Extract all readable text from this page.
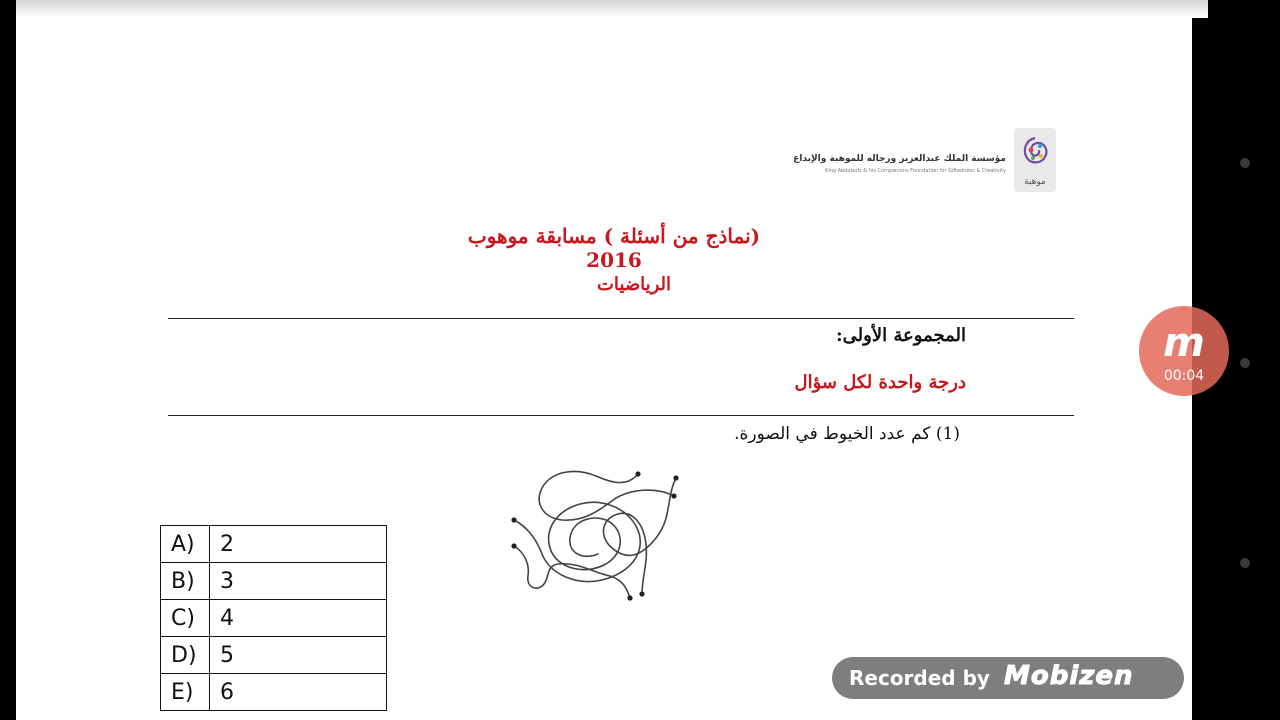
موهبة
مؤسسة الملك عبدالعزيز ورجاله للموهبة والإبداع
King Abdulaziz & his Companions Foundation for Giftedness & Creativity
(نماذج من أسئلة ) مسابقة موهوب 2016
الرياضيات
المجموعة الأولى:
درجة واحدة لكل سؤال
(1) كم عدد الخيوط في الصورة.
A)	2
B)	3
C)	4
D)	5
E)	6
m
00:04
Recorded by Mobizen
